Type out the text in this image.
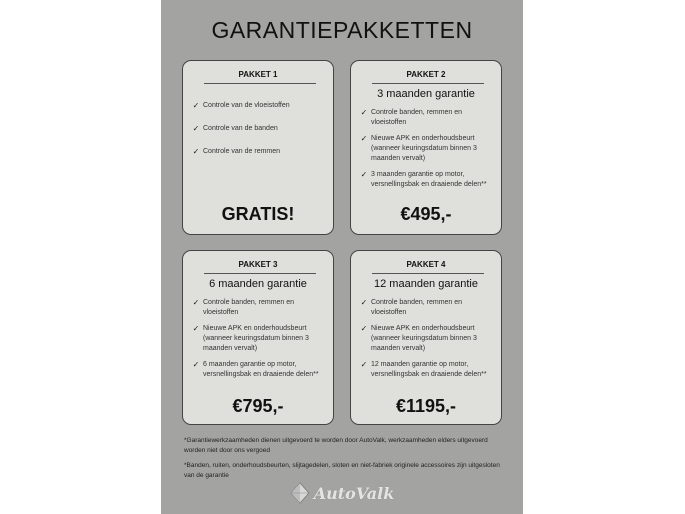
GARANTIEPAKKETTEN
PAKKET 1
✓ Controle van de vloeistoffen
✓ Controle van de banden
✓ Controle van de remmen
GRATIS!
PAKKET 2
3 maanden garantie
✓ Controle banden, remmen en vloeistoffen
✓ Nieuwe APK en onderhoudsbeurt (wanneer keuringsdatum binnen 3 maanden vervalt)
✓ 3 maanden garantie op motor, versnellingsbak en draaiende delen**
€495,-
PAKKET 3
6 maanden garantie
✓ Controle banden, remmen en vloeistoffen
✓ Nieuwe APK en onderhoudsbeurt (wanneer keuringsdatum binnen 3 maanden vervalt)
✓ 6 maanden garantie op motor, versnellingsbak en draaiende delen**
€795,-
PAKKET 4
12 maanden garantie
✓ Controle banden, remmen en vloeistoffen
✓ Nieuwe APK en onderhoudsbeurt (wanneer keuringsdatum binnen 3 maanden vervalt)
✓ 12 maanden garantie op motor, versnellingsbak en draaiende delen**
€1195,-
*Garantiewerkzaamheden dienen uitgevoerd te worden door AutoValk, werkzaamheden elders uitgevoerd worden niet door ons vergoed
*Banden, ruiten, onderhoudsbeurten, slijtagedelen, sloten en niet-fabriek originele accessoires zijn uitgesloten van de garantie
AutoValk
